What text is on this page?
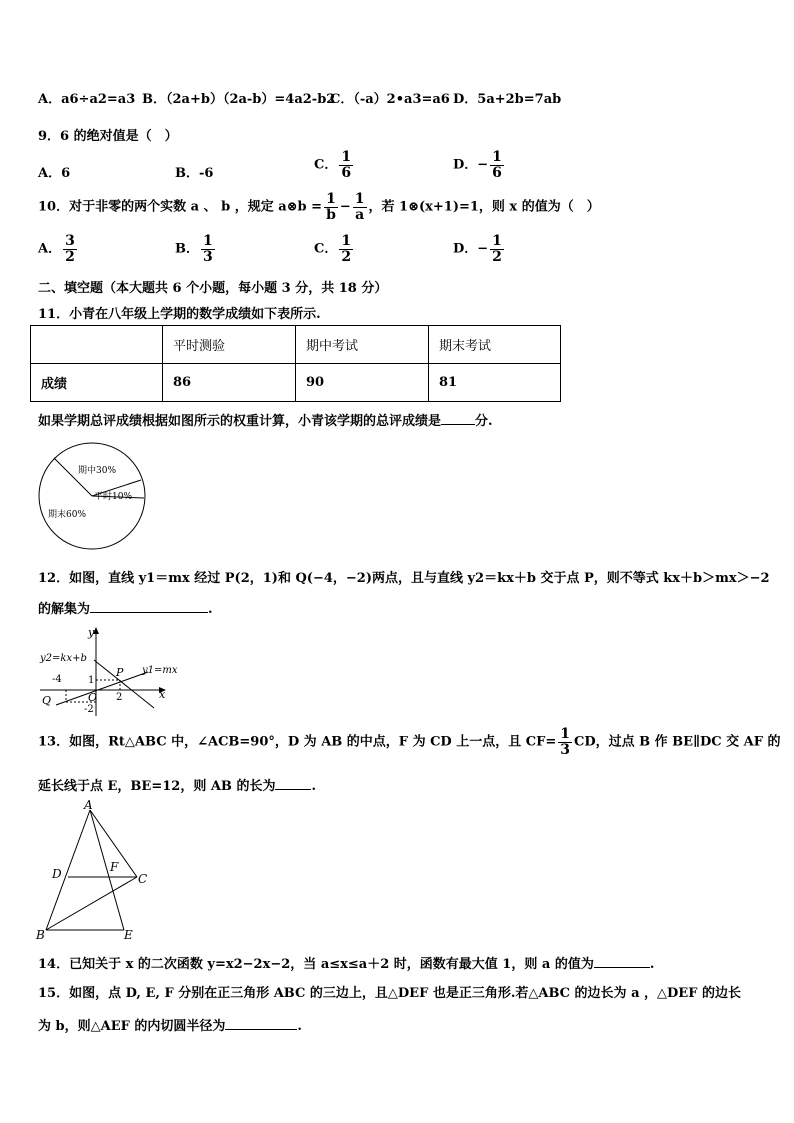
A．a6÷a2=a3 B．（2a+b）（2a-b）=4a2-b2
C．（-a）2•a3=a6 D．5a+2b=7ab
9．6 的绝对值是（　）
A．6	B．-6
C． $\frac{1}{6}$	D．− $\frac{1}{6}$
10．对于非零的两个实数 a 、 b ，规定 a⊗b = $\frac{1}{b} - \frac{1}{a}$ ，若 1⊗(x+1)=1，则 x 的值为（　）
A． $\frac{3}{2}$	B． $\frac{1}{3}$	C． $\frac{1}{2}$	D．− $\frac{1}{2}$
二、填空题（本大题共 6 个小题，每小题 3 分，共 18 分）
11．小青在八年级上学期的数学成绩如下表所示.
	平时测验	期中考试	期末考试
成绩	86	90	81
如果学期总评成绩根据如图所示的权重计算，小青该学期的总评成绩是	分.
期中30%
平时10%
期末60%
12．如图，直线 y1＝mx 经过 P(2，1)和 Q(−4，−2)两点，且与直线 y2＝kx＋b 交于点 P，则不等式 kx＋b＞mx＞−2
的解集为	.
y
x
y2=kx+b
y1=mx
P
Q	O
-4	1
2
-2
13．如图，Rt△ABC 中，∠ACB=90°，D 为 AB 的中点，F 为 CD 上一点，且 $CF= \frac{1}{3}$ CD，过点 B 作 BE∥DC 交 AF 的
延长线于点 E，BE=12，则 AB 的长为	.
A
D	F
C
B	E
14．已知关于 x 的二次函数 y=x2−2x−2，当 a≤x≤a＋2 时，函数有最大值 1，则 a 的值为	.
15．如图，点 D, E, F 分别在正三角形 ABC 的三边上，且△DEF 也是正三角形.若△ABC 的边长为 a ，△DEF 的边长
为 b，则△AEF 的内切圆半径为	.
